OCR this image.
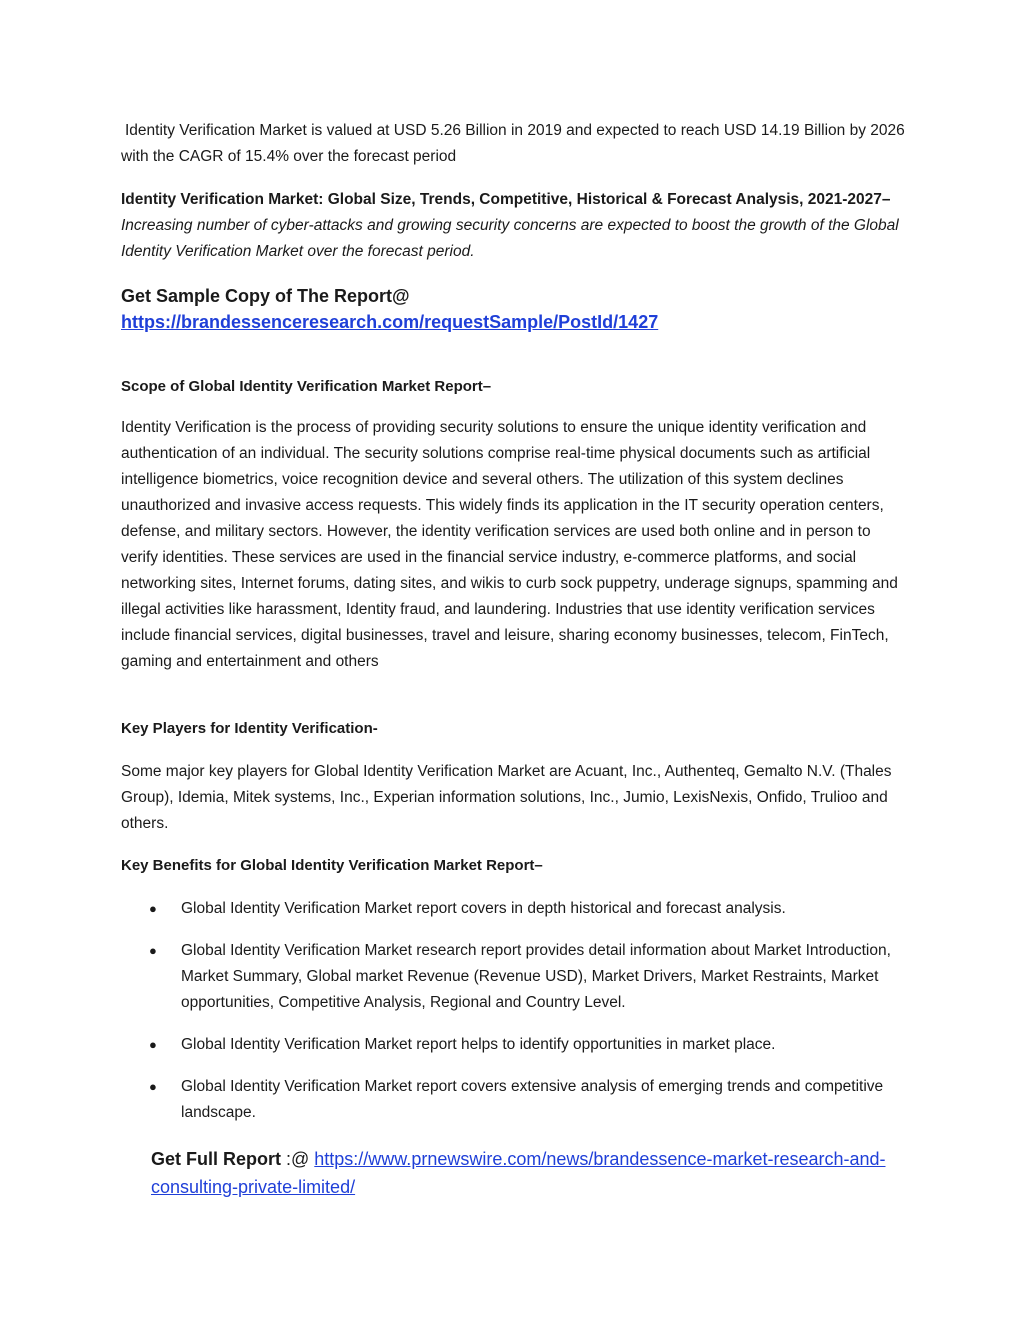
Identity Verification Market is valued at USD 5.26 Billion in 2019 and expected to reach USD 14.19 Billion by 2026 with the CAGR of 15.4% over the forecast period
Identity Verification Market: Global Size, Trends, Competitive, Historical & Forecast Analysis, 2021-2027– Increasing number of cyber-attacks and growing security concerns are expected to boost the growth of the Global Identity Verification Market over the forecast period.
Get Sample Copy of The Report@
https://brandessenceresearch.com/requestSample/PostId/1427
Scope of Global Identity Verification Market Report–
Identity Verification is the process of providing security solutions to ensure the unique identity verification and authentication of an individual. The security solutions comprise real-time physical documents such as artificial intelligence biometrics, voice recognition device and several others. The utilization of this system declines unauthorized and invasive access requests. This widely finds its application in the IT security operation centers, defense, and military sectors. However, the identity verification services are used both online and in person to verify identities. These services are used in the financial service industry, e-commerce platforms, and social networking sites, Internet forums, dating sites, and wikis to curb sock puppetry, underage signups, spamming and illegal activities like harassment, Identity fraud, and laundering. Industries that use identity verification services include financial services, digital businesses, travel and leisure, sharing economy businesses, telecom, FinTech, gaming and entertainment and others
Key Players for Identity Verification-
Some major key players for Global Identity Verification Market are Acuant, Inc., Authenteq, Gemalto N.V. (Thales Group), Idemia, Mitek systems, Inc., Experian information solutions, Inc., Jumio, LexisNexis, Onfido, Trulioo and others.
Key Benefits for Global Identity Verification Market Report–
● Global Identity Verification Market report covers in depth historical and forecast analysis.
● Global Identity Verification Market research report provides detail information about Market Introduction, Market Summary, Global market Revenue (Revenue USD), Market Drivers, Market Restraints, Market opportunities, Competitive Analysis, Regional and Country Level.
● Global Identity Verification Market report helps to identify opportunities in market place.
● Global Identity Verification Market report covers extensive analysis of emerging trends and competitive landscape.
Get Full Report :@ https://www.prnewswire.com/news/brandessence-market-research-and-consulting-private-limited/
